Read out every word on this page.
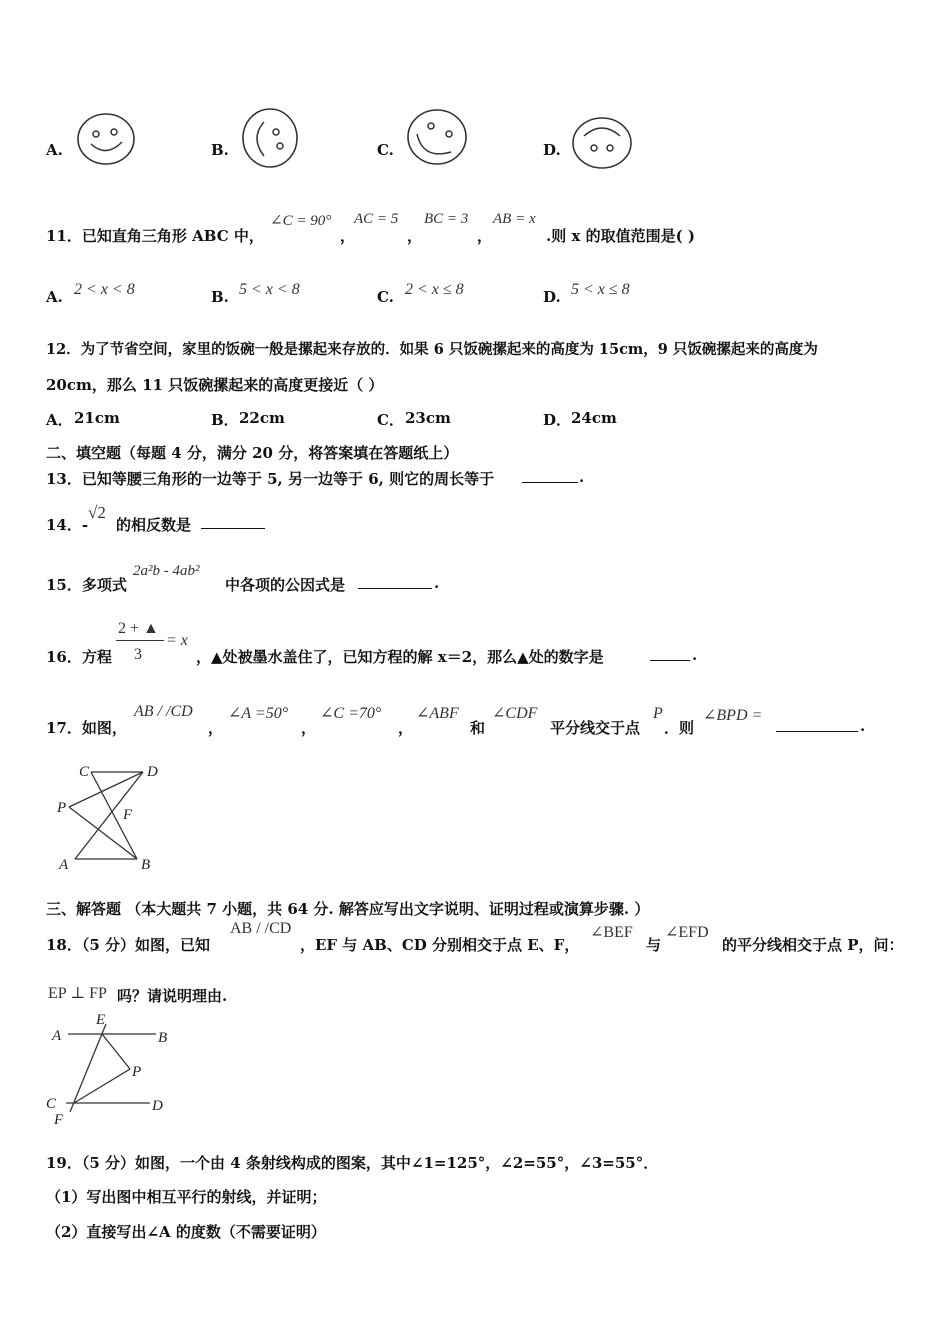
A.	B.	C.	D.
11．已知直角三角形 ABC 中，
∠C = 90°
，
AC = 5
，
BC = 3
，
AB = x
.则 x 的取值范围是( )
A. 2 < x < 8	B. 5 < x < 8	C. 2 < x ≤ 8	D. 5 < x ≤ 8
12．为了节省空间，家里的饭碗一般是摞起来存放的．如果 6 只饭碗摞起来的高度为 15cm，9 只饭碗摞起来的高度为
20cm，那么 11 只饭碗摞起来的高度更接近（ ）
A． 21cm	B． 22cm	C． 23cm	D． 24cm
二、填空题（每题 4 分，满分 20 分，将答案填在答题纸上）
13．已知等腰三角形的一边等于 5, 另一边等于 6, 则它的周长等于	.
14．-
√2
的相反数是
15．多项式
2a²b - 4ab²
中各项的公因式是	.
16．方程
2 + ▲
3
= x
，▲处被墨水盖住了，已知方程的解 x＝2，那么▲处的数字是	.
17．如图，
AB / /CD
，
∠A =50°
，
∠C =70°
，
∠ABF
和
∠CDF
平分线交于点
P
．则
∠BPD =
.
C	D
P	F
A	B
三、解答题 （本大题共 7 小题，共 64 分. 解答应写出文字说明、证明过程或演算步骤. ）
18．（5 分）如图，已知
AB / /CD
，EF 与 AB、CD 分别相交于点 E、F，
∠BEF
与
∠EFD
的平分线相交于点 P，问：
EP ⊥ FP 吗？请说明理由.
A
E
B
P
C
F
D
19．（5 分）如图，一个由 4 条射线构成的图案，其中∠1=125°，∠2=55°，∠3=55°．
（1）写出图中相互平行的射线，并证明；
（2）直接写出∠A 的度数（不需要证明）
